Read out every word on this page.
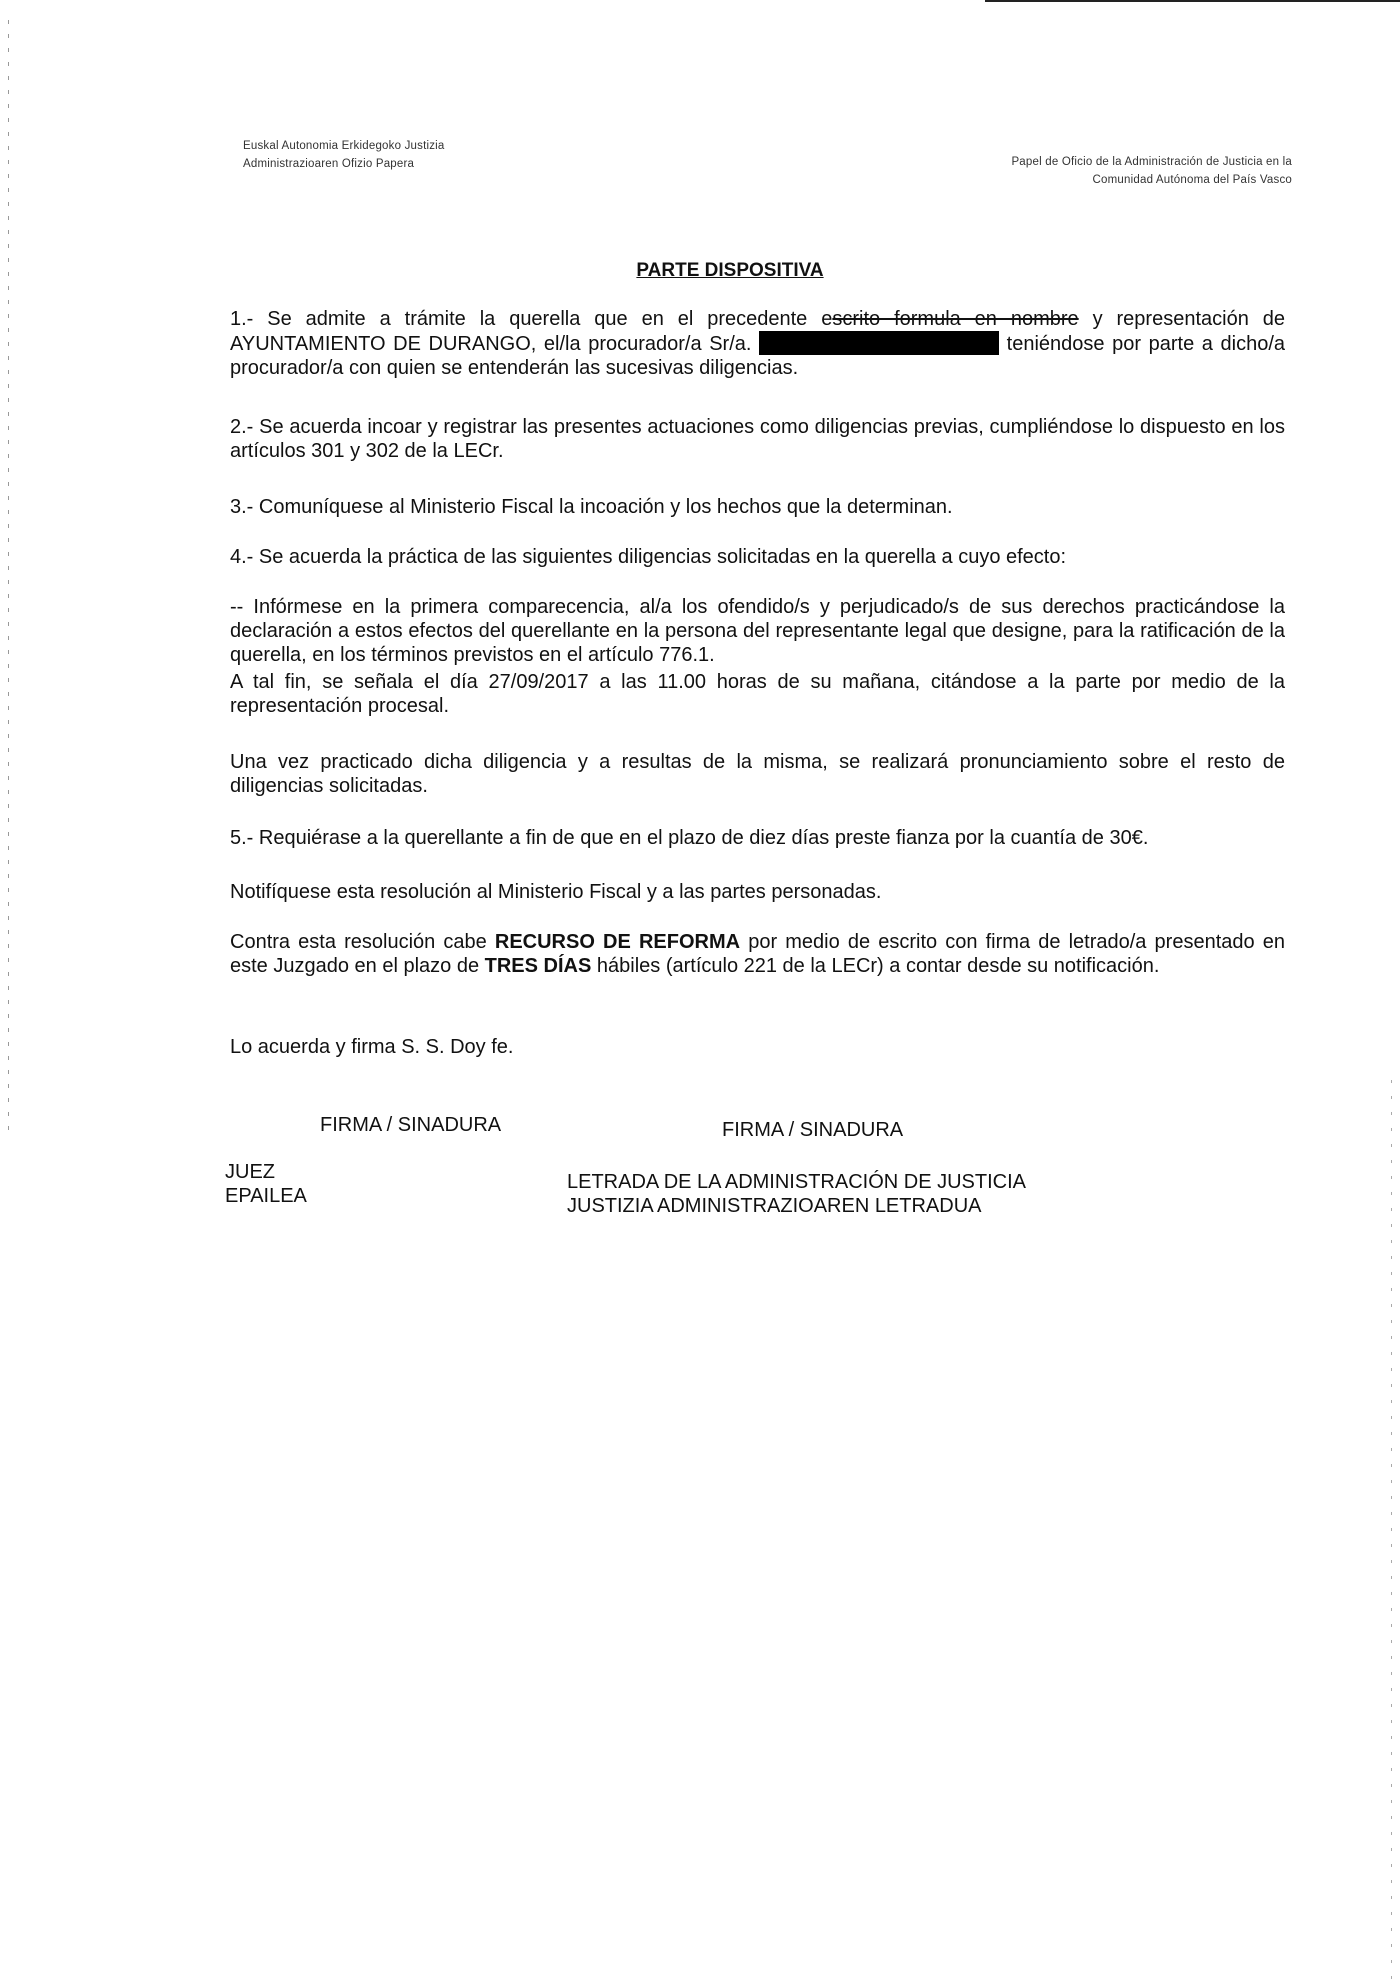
Euskal Autonomia Erkidegoko Justizia
Administrazioaren Ofizio Papera	Papel de Oficio de la Administración de Justicia en la
Comunidad Autónoma del País Vasco
PARTE DISPOSITIVA
1.- Se admite a trámite la querella que en el precedente escrito formula en nombre y representación de AYUNTAMIENTO DE DURANGO, el/la procurador/a Sr/a.	teniéndose por parte a dicho/a procurador/a con quien se entenderán las sucesivas diligencias.
2.- Se acuerda incoar y registrar las presentes actuaciones como diligencias previas, cumpliéndose lo dispuesto en los artículos 301 y 302 de la LECr.
3.- Comuníquese al Ministerio Fiscal la incoación y los hechos que la determinan.
4.- Se acuerda la práctica de las siguientes diligencias solicitadas en la querella a cuyo efecto:
-- Infórmese en la primera comparecencia, al/a los ofendido/s y perjudicado/s de sus derechos practicándose la declaración a estos efectos del querellante en la persona del representante legal que designe, para la ratificación de la querella, en los términos previstos en el artículo 776.1.
A tal fin, se señala el día 27/09/2017 a las 11.00 horas de su mañana, citándose a la parte por medio de la representación procesal.
Una vez practicado dicha diligencia y a resultas de la misma, se realizará pronunciamiento sobre el resto de diligencias solicitadas.
5.- Requiérase a la querellante a fin de que en el plazo de diez días preste fianza por la cuantía de 30€.
Notifíquese esta resolución al Ministerio Fiscal y a las partes personadas.
Contra esta resolución cabe RECURSO DE REFORMA por medio de escrito con firma de letrado/a presentado en este Juzgado en el plazo de TRES DÍAS hábiles (artículo 221 de la LECr) a contar desde su notificación.
Lo acuerda y firma S. S. Doy fe.
FIRMA / SINADURA	FIRMA / SINADURA
JUEZ
EPAILEA
LETRADA DE LA ADMINISTRACIÓN DE JUSTICIA
JUSTIZIA ADMINISTRAZIOAREN LETRADUA
